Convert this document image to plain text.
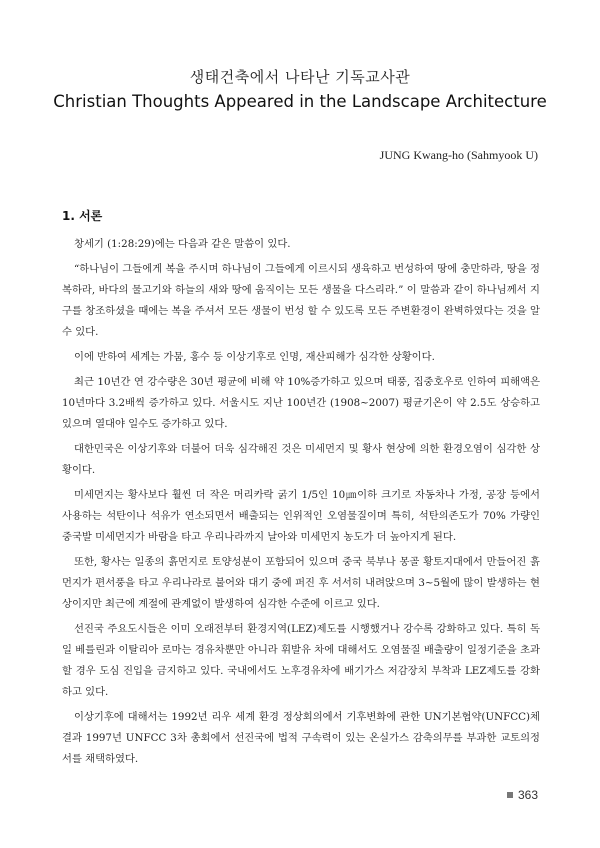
생태건축에서 나타난 기독교사관
Christian Thoughts Appeared in the Landscape Architecture
JUNG Kwang-ho (Sahmyook U)
1. 서론

창세기 (1:28:29)에는 다음과 같은 말씀이 있다.

“하나님이 그들에게 복을 주시며 하나님이 그들에게 이르시되 생육하고 번성하여 땅에 충만하라, 땅을 정복하라, 바다의 물고기와 하늘의 새와 땅에 움직이는 모든 생물을 다스리라.” 이 말씀과 같이 하나님께서 지구를 창조하셨을 때에는 복을 주셔서 모든 생물이 번성 할 수 있도록 모든 주변환경이 완벽하였다는 것을 알 수 있다.

이에 반하여 세계는 가뭄, 홍수 등 이상기후로 인명, 재산피해가 심각한 상황이다.

최근 10년간 연 강수량은 30년 평균에 비해 약 10%증가하고 있으며 태풍, 집중호우로 인하여 피해액은 10년마다 3.2배씩 증가하고 있다. 서울시도 지난 100년간 (1908~2007) 평균기온이 약 2.5도 상승하고 있으며 열대야 일수도 증가하고 있다.

대한민국은 이상기후와 더불어 더욱 심각해진 것은 미세먼지 및 황사 현상에 의한 환경오염이 심각한 상황이다.

미세먼지는 황사보다 훨씬 더 작은 머리카락 굵기 1/5인 10㎛이하 크기로 자동차나 가정, 공장 등에서 사용하는 석탄이나 석유가 연소되면서 배출되는 인위적인 오염물질이며 특히, 석탄의존도가 70% 가량인 중국발 미세먼지가 바람을 타고 우리나라까지 날아와 미세먼지 농도가 더 높아지게 된다.

또한, 황사는 일종의 흙먼지로 토양성분이 포함되어 있으며 중국 북부나 몽골 황토지대에서 만들어진 흙먼지가 편서풍을 타고 우리나라로 불어와 대기 중에 퍼진 후 서서히 내려앉으며 3~5월에 많이 발생하는 현상이지만 최근에 계절에 관계없이 발생하여 심각한 수준에 이르고 있다.

선진국 주요도시들은 이미 오래전부터 환경지역(LEZ)제도를 시행했거나 강수록 강화하고 있다. 특히 독일 베를린과 이탈리아 로마는 경유차뿐만 아니라 휘발유 차에 대해서도 오염물질 배출량이 일정기준을 초과할 경우 도심 진입을 금지하고 있다. 국내에서도 노후경유차에 배기가스 저감장치 부착과 LEZ제도를 강화하고 있다.

이상기후에 대해서는 1992년 리우 세계 환경 정상회의에서 기후변화에 관한 UN기본협약(UNFCC)체결과 1997년 UNFCC 3차 총회에서 선진국에 법적 구속력이 있는 온실가스 감축의무를 부과한 교토의정서를 채택하였다.

363
